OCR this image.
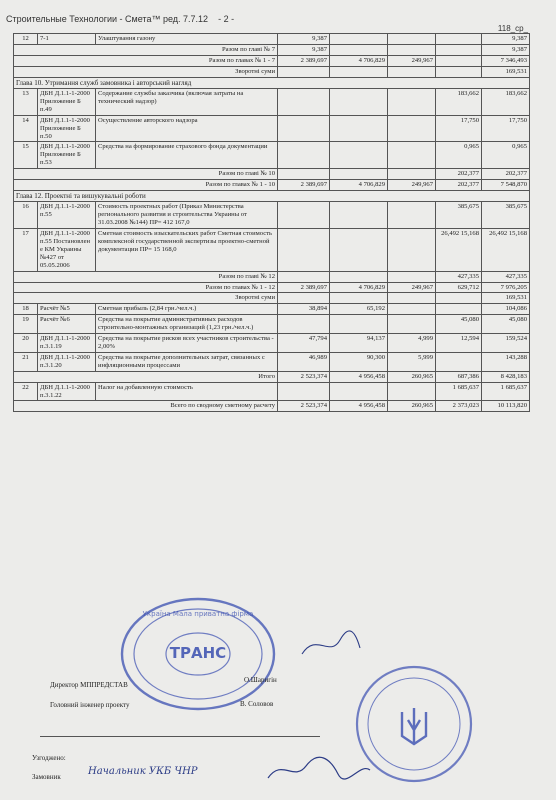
Строительные Технологии - Смета™ ред. 7.7.12 - 2 -
118_ср_
12	7-1	Улаштування газону	9,387				9,387
Разом по главі № 7			9,387				9,387
Разом по главах № 1 - 7			2 389,697	4 706,829	249,967		7 346,493
Зворотні суми							169,531
Глава 10. Утримання служб замовника і авторський нагляд							
13	ДБН Д.1.1-1-2000 Приложение Б п.49	Содержание службы заказчика (включая затраты на технический надзор)				183,662	183,662
14	ДБН Д.1.1-1-2000 Приложение Б п.50	Осуществление авторского надзора				17,750	17,750
15	ДБН Д.1.1-1-2000 Приложение Б п.53	Средства на формирование страхового фонда документации				0,965	0,965
Разом по главі № 10						202,377	202,377
Разом по главах № 1 - 10			2 389,697	4 706,829	249,967	202,377	7 548,870
Глава 12. Проектні та вишукувальні роботи							
16	ДБН Д.1.1-1-2000 п.55	Стоимость проектных работ (Приказ Министерства регионального развития и строительства Украины от 31.03.2008 №144) ПР= 412 167,0				385,675	385,675
17	ДБН Д.1.1-1-2000 п.55 Постановлен е КМ Украины №427 от 05.05.2006	Сметная стоимость изыскательских работ Сметная стоимость комплексной государственной экспертизы проектно-сметной документации ПР= 15 168,0				26,492 15,168	26,492 15,168
Разом по главі № 12						427,335	427,335
Разом по главах № 1 - 12			2 389,697	4 706,829	249,967	629,712	7 976,205
Зворотні суми							169,531
18	Расчёт №5	Сметная прибыль (2,84 грн./чел.ч.)	38,894	65,192			104,086
19	Расчёт №6	Средства на покрытие административных расходов строительно-монтажных организаций (1,23 грн./чел.ч.)				45,080	45,080
20	ДБН Д.1.1-1-2000 п.3.1.19	Средства на покрытие рисков всех участников строительства - 2,00%	47,794	94,137	4,999	12,594	159,524
21	ДБН Д.1.1-1-2000 п.3.1.20	Средства на покрытие дополнительных затрат, связанных с инфляционными процессами	46,989	90,300	5,999		143,288
Итого			2 523,374	4 956,458	260,965	687,386	8 428,183
22	ДБН Д.1.1-1-2000 п.3.1.22	Налог на добавленную стоимость				1 685,637	1 685,637
Всего по сводному сметному расчету			2 523,374	4 956,458	260,965	2 373,023	10 113,820
ТРАНС
Україна Мала приватна фірма
Директор МППРЕДСТАВ
О.Шаригін
Головний інженер проекту	В. Соловов
Узгоджено:
Замовник	Начальник УКБ ЧНР
